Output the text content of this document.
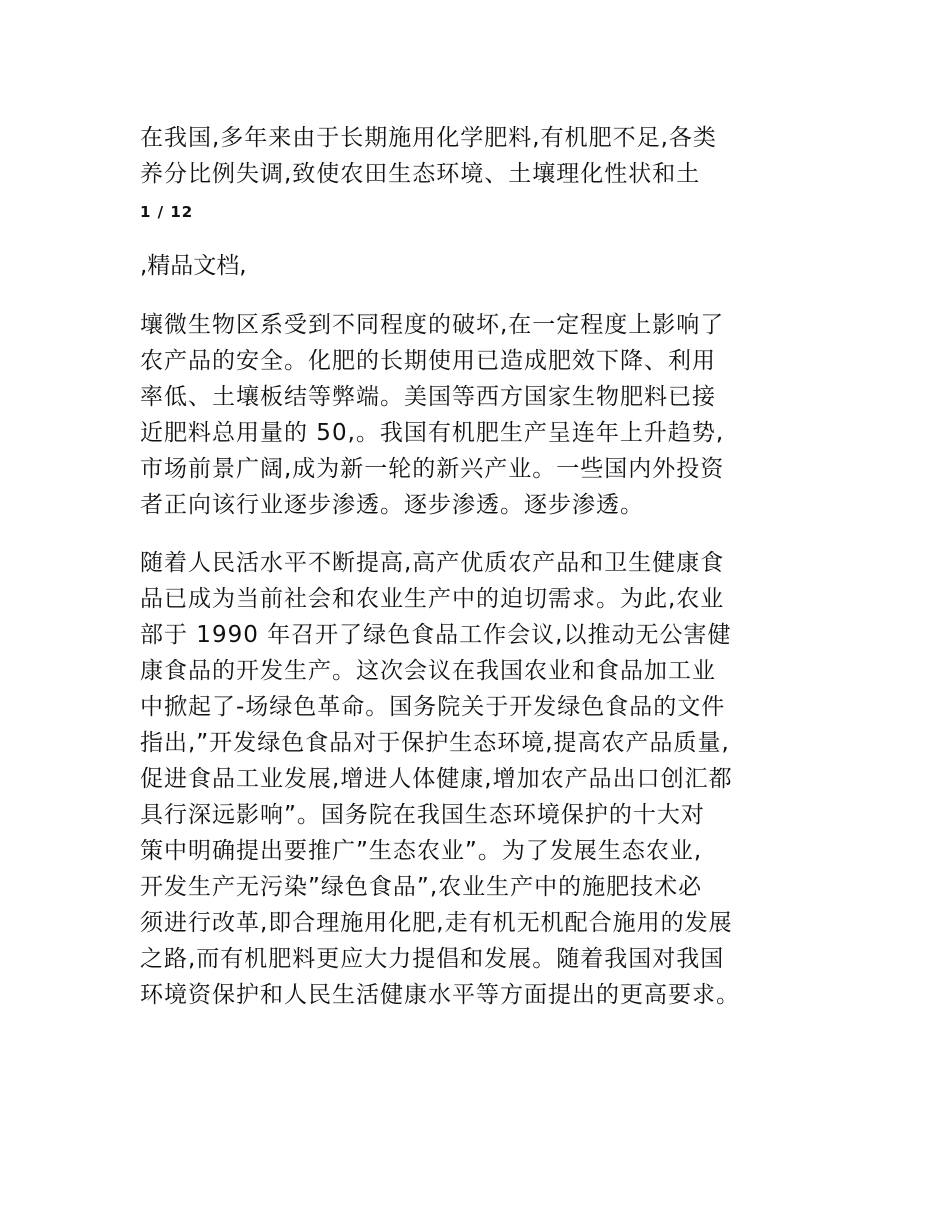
在我国,多年来由于长期施用化学肥料,有机肥不足,各类
养分比例失调,致使农田生态环境、土壤理化性状和土

1 / 12
,精品文档,

壤微生物区系受到不同程度的破坏,在一定程度上影响了
农产品的安全。化肥的长期使用已造成肥效下降、利用
率低、土壤板结等弊端。美国等西方国家生物肥料已接
近肥料总用量的 50,。我国有机肥生产呈连年上升趋势,
市场前景广阔,成为新一轮的新兴产业。一些国内外投资
者正向该行业逐步渗透。逐步渗透。逐步渗透。

随着人民活水平不断提高,高产优质农产品和卫生健康食
品已成为当前社会和农业生产中的迫切需求。为此,农业
部于 1990 年召开了绿色食品工作会议,以推动无公害健
康食品的开发生产。这次会议在我国农业和食品加工业
中掀起了-场绿色革命。国务院关于开发绿色食品的文件
指出,”开发绿色食品对于保护生态环境,提高农产品质量,
促进食品工业发展,增进人体健康,增加农产品出口创汇都
具行深远影响”。国务院在我国生态环境保护的十大对
策中明确提出要推广”生态农业”。为了发展生态农业,
开发生产无污染”绿色食品”,农业生产中的施肥技术必
须进行改革,即合理施用化肥,走有机无机配合施用的发展
之路,而有机肥料更应大力提倡和发展。随着我国对我国
环境资保护和人民生活健康水平等方面提出的更高要求。
